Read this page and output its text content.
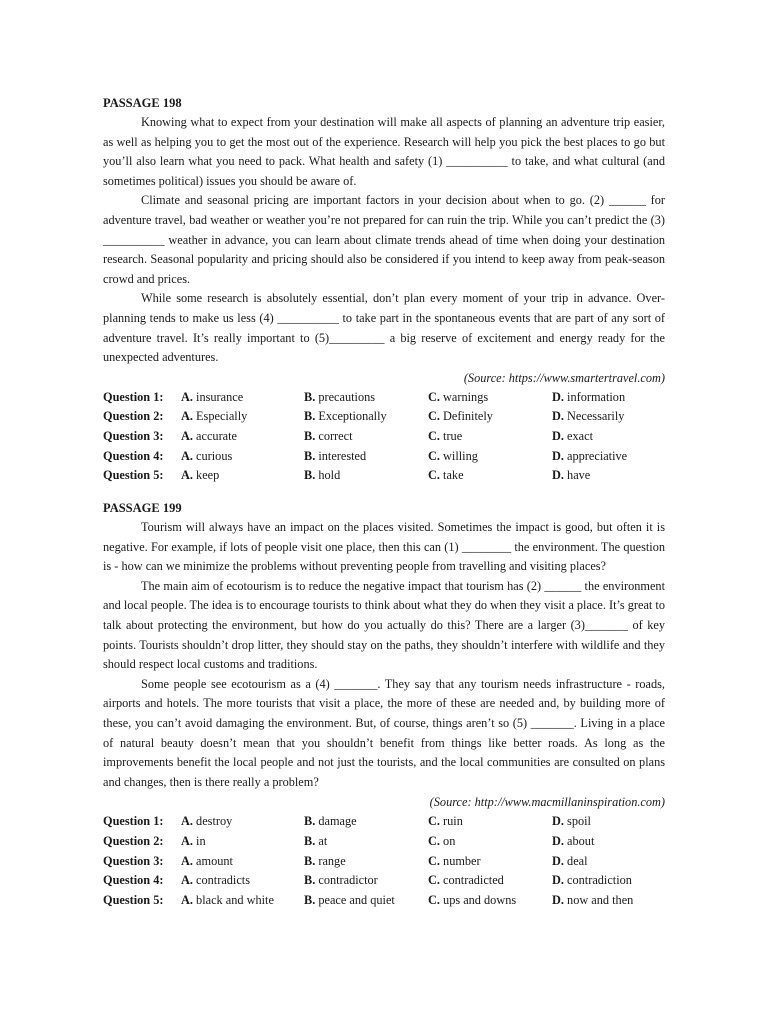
PASSAGE 198

Knowing what to expect from your destination will make all aspects of planning an adventure trip easier, as well as helping you to get the most out of the experience. Research will help you pick the best places to go but you’ll also learn what you need to pack. What health and safety (1) __________ to take, and what cultural (and sometimes political) issues you should be aware of.

Climate and seasonal pricing are important factors in your decision about when to go. (2) ______ for adventure travel, bad weather or weather you’re not prepared for can ruin the trip. While you can’t predict the (3) __________ weather in advance, you can learn about climate trends ahead of time when doing your destination research. Seasonal popularity and pricing should also be considered if you intend to keep away from peak-season crowd and prices.

While some research is absolutely essential, don’t plan every moment of your trip in advance. Over-planning tends to make us less (4) __________ to take part in the spontaneous events that are part of any sort of adventure travel. It’s really important to (5)_________ a big reserve of excitement and energy ready for the unexpected adventures.

(Source: https://www.smartertravel.com)
Question 1:	A. insurance	B. precautions	C. warnings	D. information
Question 2:	A. Especially	B. Exceptionally	C. Definitely	D. Necessarily
Question 3:	A. accurate	B. correct	C. true	D. exact
Question 4:	A. curious	B. interested	C. willing	D. appreciative
Question 5:	A. keep	B. hold	C. take	D. have
PASSAGE 199

Tourism will always have an impact on the places visited. Sometimes the impact is good, but often it is negative. For example, if lots of people visit one place, then this can (1) ________ the environment. The question is - how can we minimize the problems without preventing people from travelling and visiting places?

The main aim of ecotourism is to reduce the negative impact that tourism has (2) ______ the environment and local people. The idea is to encourage tourists to think about what they do when they visit a place. It’s great to talk about protecting the environment, but how do you actually do this? There are a larger (3)_______ of key points. Tourists shouldn’t drop litter, they should stay on the paths, they shouldn’t interfere with wildlife and they should respect local customs and traditions.

Some people see ecotourism as a (4) _______. They say that any tourism needs infrastructure - roads, airports and hotels. The more tourists that visit a place, the more of these are needed and, by building more of these, you can’t avoid damaging the environment. But, of course, things aren’t so (5) _______. Living in a place of natural beauty doesn’t mean that you shouldn’t benefit from things like better roads. As long as the improvements benefit the local people and not just the tourists, and the local communities are consulted on plans and changes, then is there really a problem?

(Source: http://www.macmillaninspiration.com)
Question 1:	A. destroy	B. damage	C. ruin	D. spoil
Question 2:	A. in	B. at	C. on	D. about
Question 3:	A. amount	B. range	C. number	D. deal
Question 4:	A. contradicts	B. contradictor	C. contradicted	D. contradiction
Question 5:	A. black and white	B. peace and quiet	C. ups and downs	D. now and then
